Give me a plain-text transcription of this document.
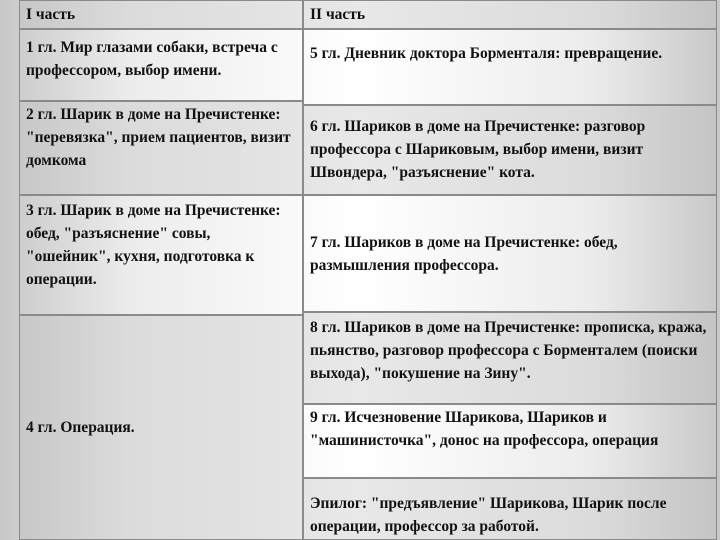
I часть	II часть
1 гл. Мир глазами собаки, встреча с профессором, выбор имени.
2 гл. Шарик в доме на Пречистенке: "перевязка", прием пациентов, визит домкома
3 гл. Шарик в доме на Пречистенке: обед, "разъяснение" совы, "ошейник", кухня, подготовка к операции.
4 гл. Операция.
5 гл. Дневник доктора Борменталя: превращение.
6 гл. Шариков в доме на Пречистенке: разговор профессора с Шариковым, выбор имени, визит Швондера, "разъяснение" кота.
7 гл. Шариков в доме на Пречистенке: обед, размышления профессора.
8 гл. Шариков в доме на Пречистенке: прописка, кража, пьянство, разговор профессора с Борменталем (поиски выхода), "покушение на Зину".
9 гл. Исчезновение Шарикова, Шариков и "машинисточка", донос на профессора, операция
Эпилог: "предъявление" Шарикова, Шарик после операции, профессор за работой.
